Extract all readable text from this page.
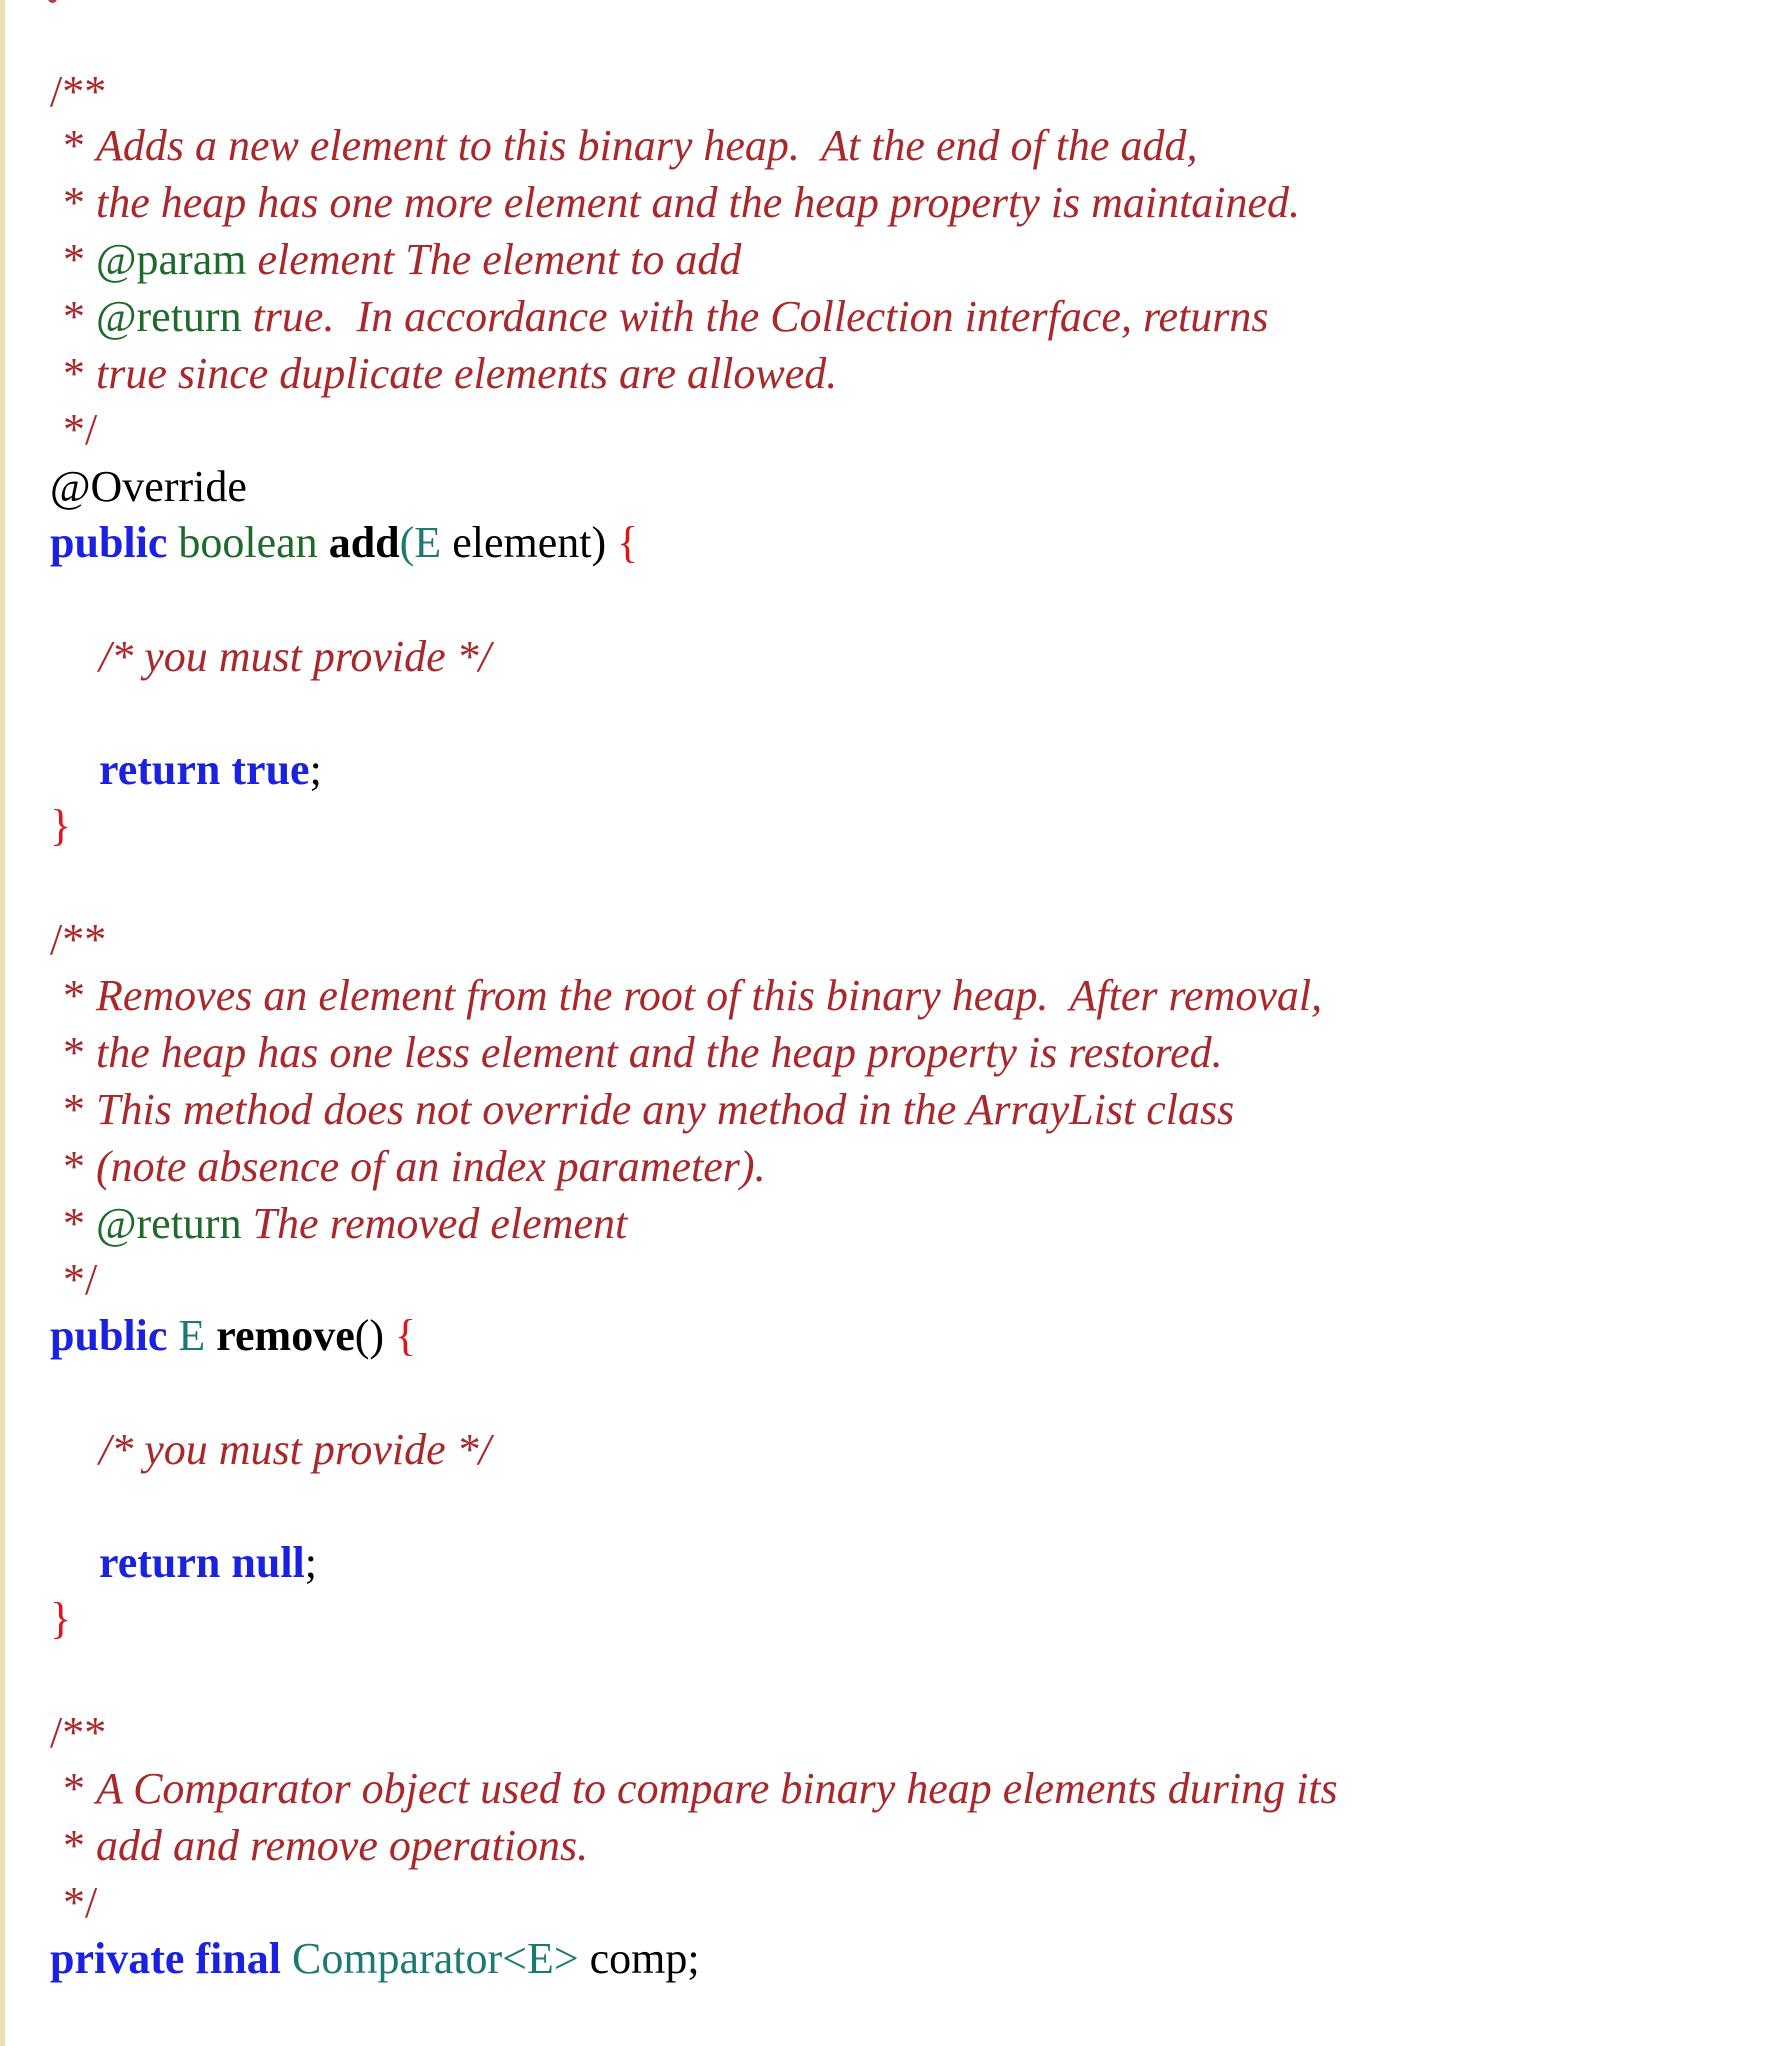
/**
* Adds a new element to this binary heap.  At the end of the add,
* the heap has one more element and the heap property is maintained.
* @param element The element to add
* @return true.  In accordance with the Collection interface, returns
* true since duplicate elements are allowed.
*/
@Override
public boolean add(E element) {
/* you must provide */
return true;
}
/**
* Removes an element from the root of this binary heap.  After removal,
* the heap has one less element and the heap property is restored.
* This method does not override any method in the ArrayList class
* (note absence of an index parameter).
* @return The removed element
*/
public E remove() {
/* you must provide */
return null;
}
/**
* A Comparator object used to compare binary heap elements during its
* add and remove operations.
*/
private final Comparator<E> comp;
